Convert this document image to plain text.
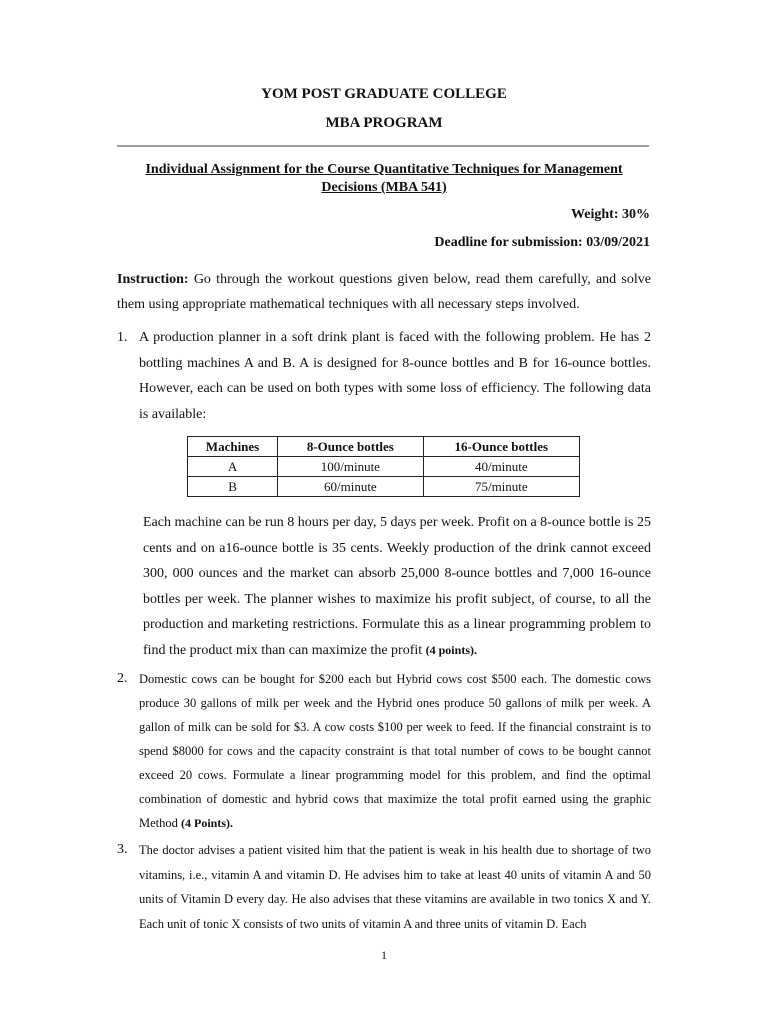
YOM POST GRADUATE COLLEGE
MBA PROGRAM
Individual Assignment for the Course Quantitative Techniques for Management Decisions (MBA 541)
Weight: 30%
Deadline for submission: 03/09/2021
Instruction: Go through the workout questions given below, read them carefully, and solve them using appropriate mathematical techniques with all necessary steps involved.
1. A production planner in a soft drink plant is faced with the following problem. He has 2 bottling machines A and B. A is designed for 8-ounce bottles and B for 16-ounce bottles. However, each can be used on both types with some loss of efficiency. The following data is available:
Machines	8-Ounce bottles	16-Ounce bottles
A	100/minute	40/minute
B	60/minute	75/minute
Each machine can be run 8 hours per day, 5 days per week. Profit on a 8-ounce bottle is 25 cents and on a16-ounce bottle is 35 cents. Weekly production of the drink cannot exceed 300, 000 ounces and the market can absorb 25,000 8-ounce bottles and 7,000 16-ounce bottles per week. The planner wishes to maximize his profit subject, of course, to all the production and marketing restrictions. Formulate this as a linear programming problem to find the product mix than can maximize the profit (4 points).
2. Domestic cows can be bought for $200 each but Hybrid cows cost $500 each. The domestic cows produce 30 gallons of milk per week and the Hybrid ones produce 50 gallons of milk per week. A gallon of milk can be sold for $3. A cow costs $100 per week to feed. If the financial constraint is to spend $8000 for cows and the capacity constraint is that total number of cows to be bought cannot exceed 20 cows. Formulate a linear programming model for this problem, and find the optimal combination of domestic and hybrid cows that maximize the total profit earned using the graphic Method (4 Points).
3. The doctor advises a patient visited him that the patient is weak in his health due to shortage of two vitamins, i.e., vitamin A and vitamin D. He advises him to take at least 40 units of vitamin A and 50 units of Vitamin D every day. He also advises that these vitamins are available in two tonics X and Y. Each unit of tonic X consists of two units of vitamin A and three units of vitamin D. Each
1
